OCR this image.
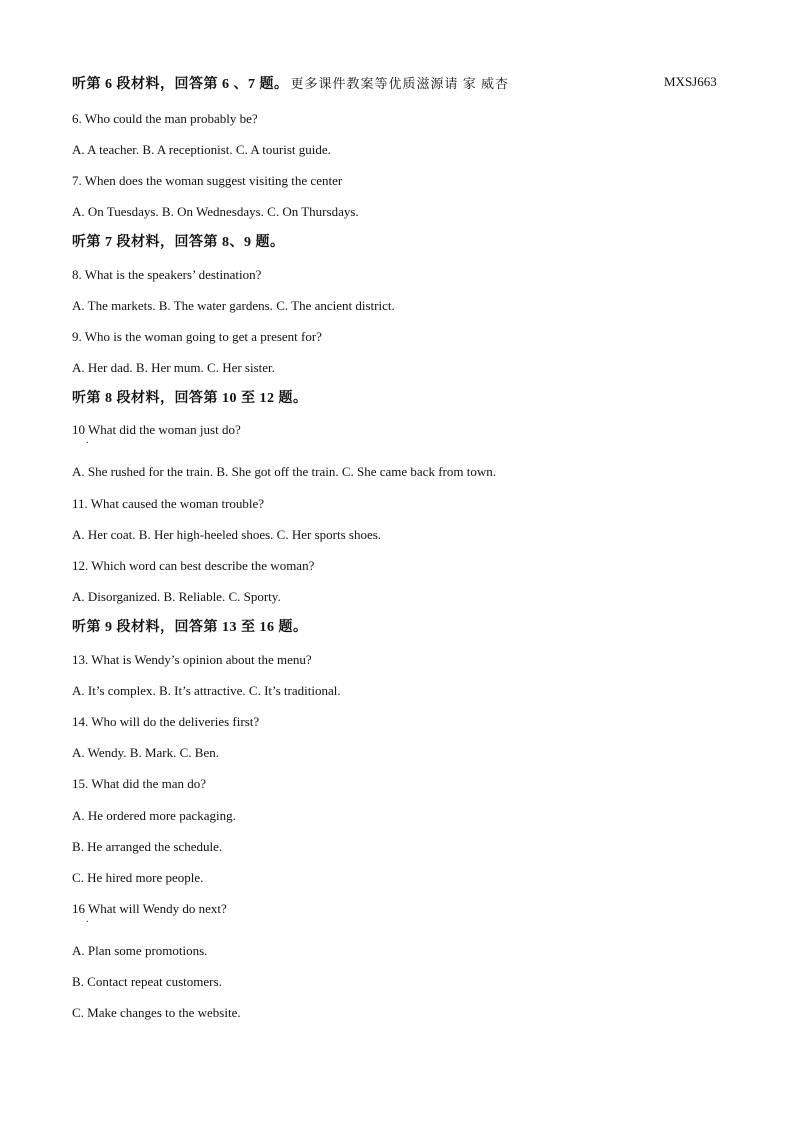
听第 6 段材料，回答第 6 、7 题。 更多课件教案等优质滋源请 家 威杏	MXSJ663
6. Who could the man probably be?
A. A teacher. B. A receptionist. C. A tourist guide.
7. When does the woman suggest visiting the center
A. On Tuesdays. B. On Wednesdays. C. On Thursdays.
听第 7 段材料，回答第 8、9 题。
8. What is the speakers’ destination?
A. The markets. B. The water gardens. C. The ancient district.
9. Who is the woman going to get a present for?
A. Her dad. B. Her mum. C. Her sister.
听第 8 段材料，回答第 10 至 12 题。
10 What did the woman just do?
.
A. She rushed for the train. B. She got off the train. C. She came back from town.
11. What caused the woman trouble?
A. Her coat. B. Her high-heeled shoes. C. Her sports shoes.
12. Which word can best describe the woman?
A. Disorganized. B. Reliable. C. Sporty.
听第 9 段材料，回答第 13 至 16 题。
13. What is Wendy’s opinion about the menu?
A. It’s complex. B. It’s attractive. C. It’s traditional.
14. Who will do the deliveries first?
A. Wendy. B. Mark. C. Ben.
15. What did the man do?
A. He ordered more packaging.
B. He arranged the schedule.
C. He hired more people.
16 What will Wendy do next?
.
A. Plan some promotions.
B. Contact repeat customers.
C. Make changes to the website.
